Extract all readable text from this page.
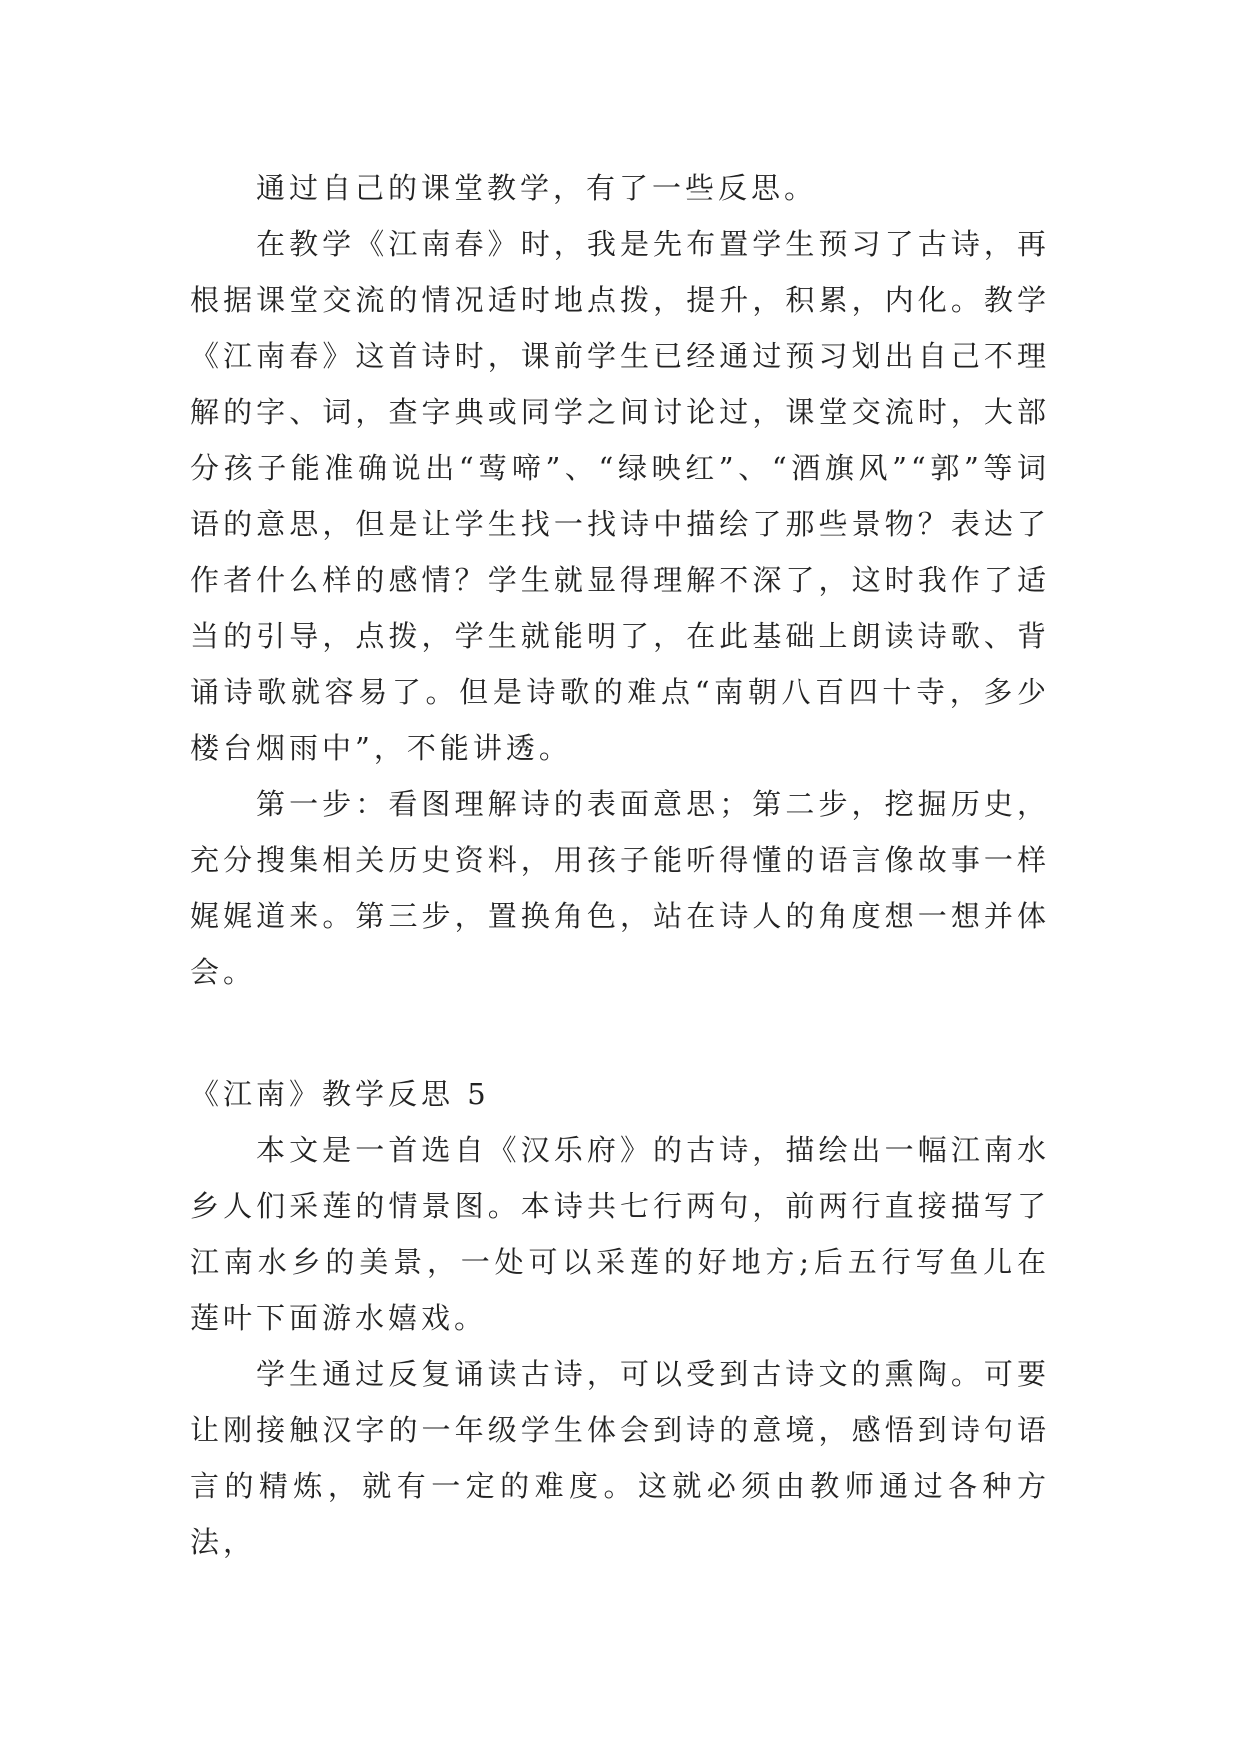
通过自己的课堂教学，有了一些反思。

在教学《江南春》时，我是先布置学生预习了古诗，再根据课堂交流的情况适时地点拨，提升，积累，内化。教学《江南春》这首诗时，课前学生已经通过预习划出自己不理解的字、词，查字典或同学之间讨论过，课堂交流时，大部分孩子能准确说出“莺啼”、“绿映红”、“酒旗风”“郭”等词语的意思，但是让学生找一找诗中描绘了那些景物？表达了作者什么样的感情？学生就显得理解不深了，这时我作了适当的引导，点拨，学生就能明了，在此基础上朗读诗歌、背诵诗歌就容易了。但是诗歌的难点“南朝八百四十寺，多少楼台烟雨中”，不能讲透。

第一步：看图理解诗的表面意思；第二步，挖掘历史，充分搜集相关历史资料，用孩子能听得懂的语言像故事一样娓娓道来。第三步，置换角色，站在诗人的角度想一想并体会。

《江南》教学反思 5

本文是一首选自《汉乐府》的古诗，描绘出一幅江南水乡人们采莲的情景图。本诗共七行两句，前两行直接描写了江南水乡的美景，一处可以采莲的好地方;后五行写鱼儿在莲叶下面游水嬉戏。

学生通过反复诵读古诗，可以受到古诗文的熏陶。可要让刚接触汉字的一年级学生体会到诗的意境，感悟到诗句语言的精炼，就有一定的难度。这就必须由教师通过各种方法，
